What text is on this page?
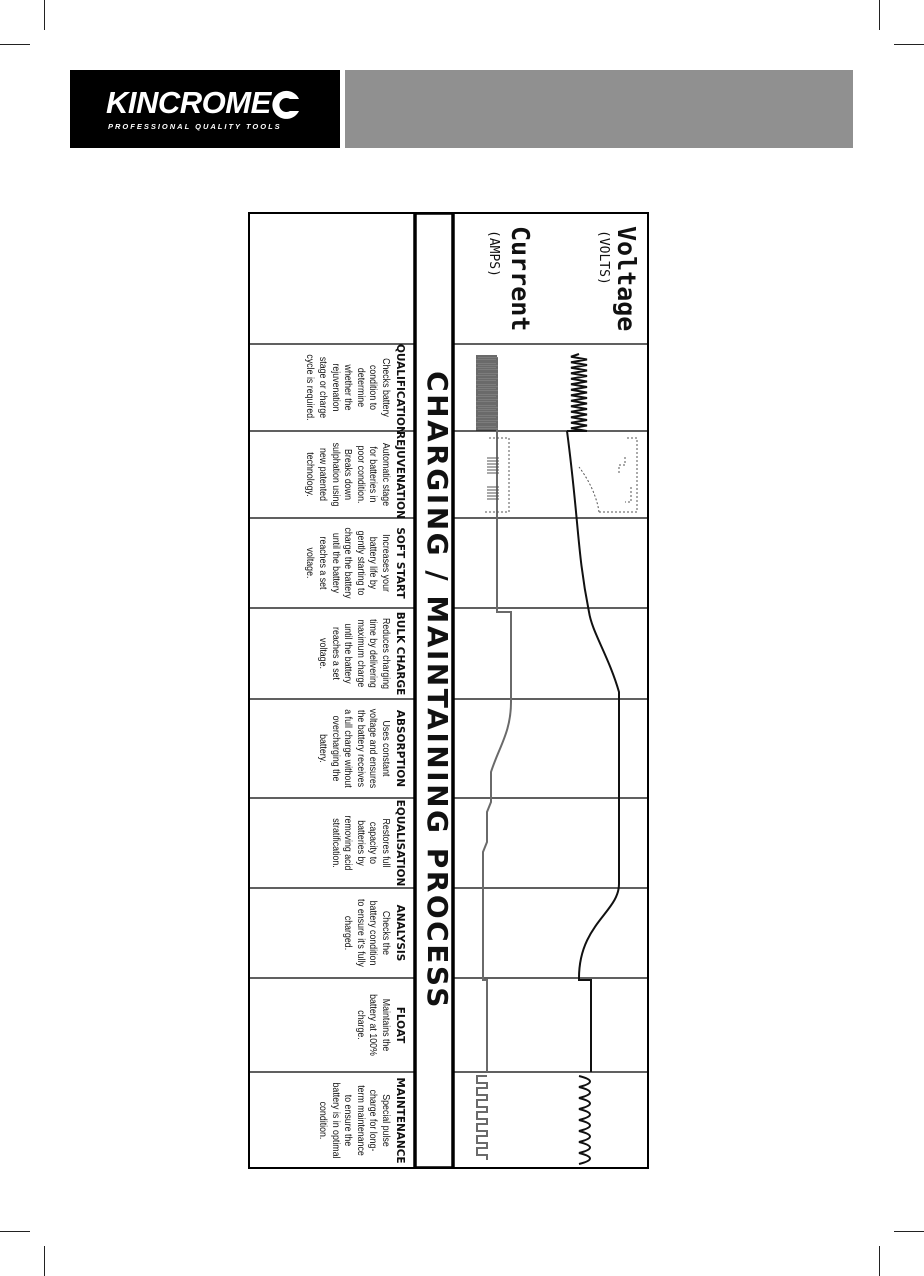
KINCROME
PROFESSIONAL QUALITY TOOLS
Voltage
(VOLTS)
Current
(AMPS)
CHARGING / MAINTAINING PROCESS
QUALIFICATION
Checks battery condition to determine whether the rejuvenation stage or charge cycle is required.
REJUVENATION
Automatic stage for batteries in poor condition. Breaks down sulphation using new patented technology.
SOFT START
Increases your battery life by gently starting to charge the battery until the battery reaches a set voltage.
BULK CHARGE
Reduces charging time by delivering maximum charge until the battery reaches a set voltage.
ABSORPTION
Uses constant voltage and ensures the battery receives a full charge without overcharging the battery.
EQUALISATION
Restores full capacity to batteries by removing acid stratification.
ANALYSIS
Checks the battery condition to ensure it's fully charged.
FLOAT
Maintains the battery at 100% charge.
MAINTENANCE
Special pulse charge for long-term maintenance to ensure the battery is in optimal condition.
